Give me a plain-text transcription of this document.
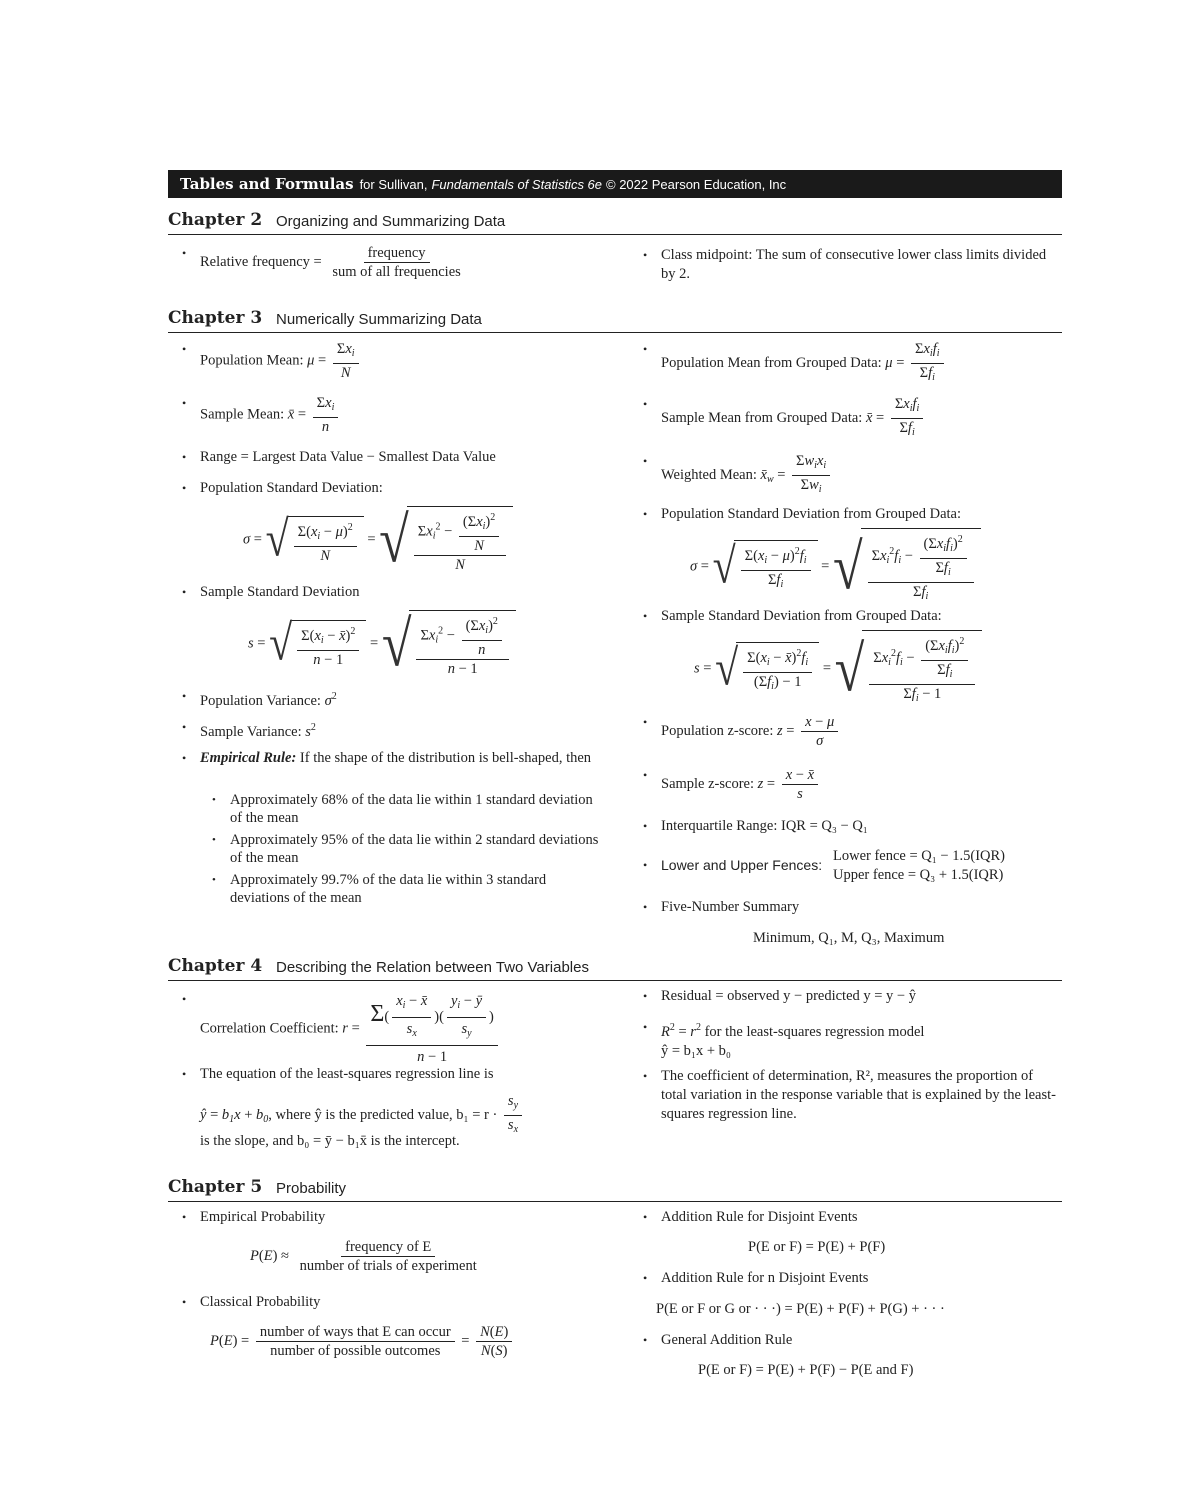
Tables and Formulas for Sullivan, Fundamentals of Statistics 6e © 2022 Pearson Education, Inc
Chapter 2 Organizing and Summarizing Data
• Relative frequency =
frequency
sum of all frequencies
• Class midpoint: The sum of consecutive lower class limits divided by 2.
Chapter 3 Numerically Summarizing Data
• Population Mean: μ =
$\Sigma x_i$
N
• Sample Mean: x̄ =
$\Sigma x_i$
n
• Range = Largest Data Value − Smallest Data Value
• Population Standard Deviation:
σ = √ $\frac{\Sigma(x_i - \mu)^2}{N}$ = √ $\Sigma x_i^2$ −
$(\Sigma x_i)^2$
N
N
• Sample Standard Deviation
s = √ $\frac{\Sigma(x_i - x̄)^2}{n - 1}$ = √ $\Sigma x_i^2$ −
$(\Sigma x_i)^2$
n
n − 1
• Population Variance: $\sigma^2$
• Sample Variance: $s^2$
• Empirical Rule: If the shape of the distribution is bell-shaped, then
• Approximately 68% of the data lie within 1 standard deviation of the mean
• Approximately 95% of the data lie within 2 standard deviations of the mean
• Approximately 99.7% of the data lie within 3 standard deviations of the mean
• Population Mean from Grouped Data: μ =
$\Sigma x_if_i$
$\Sigma f_i$
• Sample Mean from Grouped Data: x̄ =
$\Sigma x_if_i$
$\Sigma f_i$
• Weighted Mean: $x̄_w$ =
$\Sigma w_ix_i$
$\Sigma w_i$
• Population Standard Deviation from Grouped Data:
σ = √ $\Sigma(x_i - \mu)^2f_i$
$\Sigma f_i$
= √ $\Sigma x_i^2f_i$ −
$(\Sigma x_if_i)^2$
$\Sigma f_i$
$\Sigma f_i$
• Sample Standard Deviation from Grouped Data:
s = √ $\Sigma(x_i$ − $x̄)^2f_i$
$(\Sigma f_i) - 1$
= √ $\Sigma x_i^2f_i$ −
$(\Sigma x_if_i)^2$
$\Sigma f_i$
$\Sigma f_i - 1$
• Population z-score: $z = \frac{x - \mu}{\sigma}$
• Sample z-score: $z = \frac{x - x̄}{s}$
• Interquartile Range: IQR = Q₃ − Q₁
• Lower and Upper Fences:
Lower fence = Q₁ − 1.5(IQR)
Upper fence = Q₃ + 1.5(IQR)
• Five-Number Summary
Minimum, Q₁, M, Q₃, Maximum
Chapter 4 Describing the Relation between Two Variables
• Correlation Coefficient: r =
$\Sigma( \frac{x_i - x̄}{s_x}$ )( $\frac{y_i - ȳ}{s_y}$ )
n − 1
• The equation of the least-squares regression line is
ŷ = $b_1x + b_0$, where ŷ is the predicted value, $b_1 = r \cdot \frac{s_y}{s_x}$
is the slope, and b₀ = ȳ − b₁x̄ is the intercept.
• Residual = observed y − predicted y = y − ŷ
• $R^2 = r^2$ for the least-squares regression model
ŷ = b₁x + b₀
• The coefficient of determination, R², measures the proportion of total variation in the response variable that is explained by the least-squares regression line.
Chapter 5 Probability
• Empirical Probability
P(E) ≈
frequency of E
number of trials of experiment
• Classical Probability
P(E) =
number of ways that E can occur
number of possible outcomes
= $\frac{N(E)}{N(S)}$
• Addition Rule for Disjoint Events
P(E or F) = P(E) + P(F)
• Addition Rule for n Disjoint Events
P(E or F or G or · · ·) = P(E) + P(F) + P(G) + · · ·
• General Addition Rule
P(E or F) = P(E) + P(F) − P(E and F)
